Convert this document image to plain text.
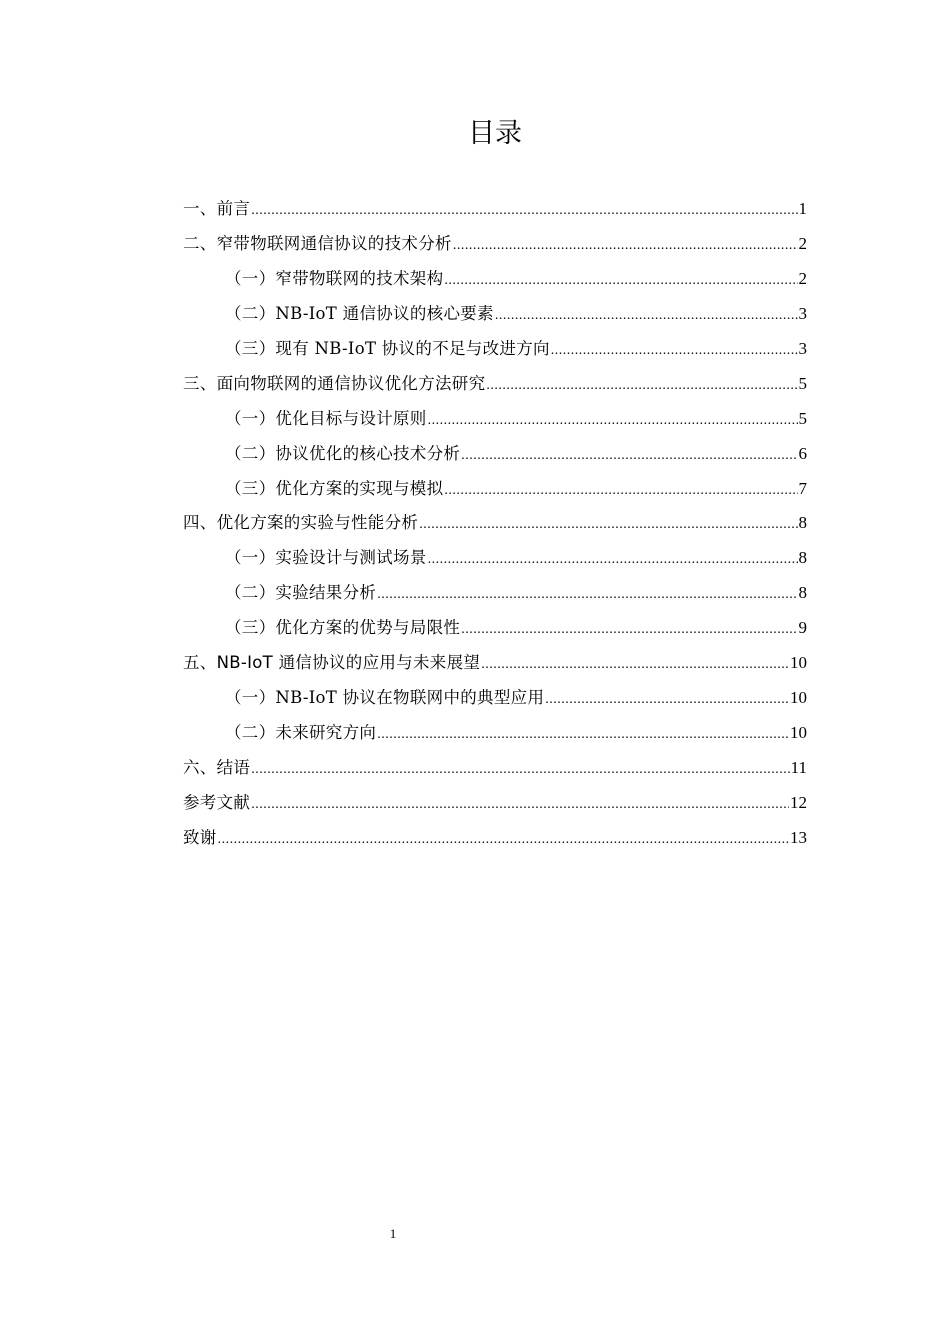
目录
一、前言 .....	1
二、窄带物联网通信协议的技术分析 .....	2
（一）窄带物联网的技术架构 .....	2
（二）NB-IoT 通信协议的核心要素 .....	3
（三）现有 NB-IoT 协议的不足与改进方向 .....	3
三、面向物联网的通信协议优化方法研究 .....	5
（一）优化目标与设计原则 .....	5
（二）协议优化的核心技术分析 .....	6
（三）优化方案的实现与模拟 .....	7
四、优化方案的实验与性能分析 .....	8
（一）实验设计与测试场景 .....	8
（二）实验结果分析 .....	8
（三）优化方案的优势与局限性 .....	9
五、NB-IoT 通信协议的应用与未来展望 .....	10
（一）NB-IoT 协议在物联网中的典型应用 .....	10
（二）未来研究方向 .....	10
六、结语 .....	11
参考文献 .....	12
致谢 .....	13
1
